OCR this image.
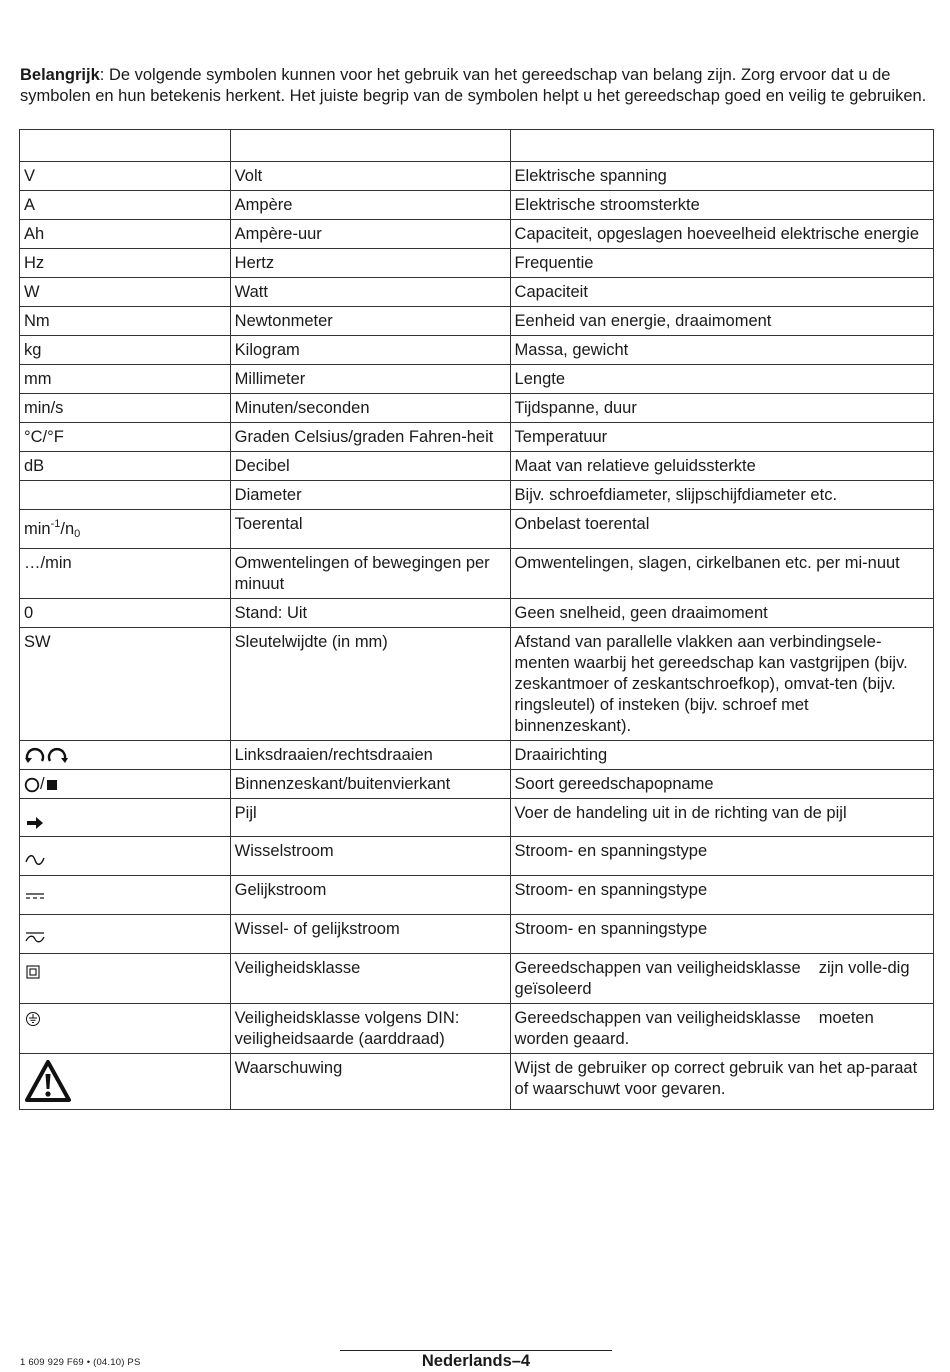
Belangrijk: De volgende symbolen kunnen voor het gebruik van het gereedschap van belang zijn. Zorg ervoor dat u de symbolen en hun betekenis herkent. Het juiste begrip van de symbolen helpt u het gereedschap goed en veilig te gebruiken.

V	Volt	Elektrische spanning
A	Ampère	Elektrische stroomsterkte
Ah	Ampère-uur	Capaciteit, opgeslagen hoeveelheid elektrische energie
Hz	Hertz	Frequentie
W	Watt	Capaciteit
Nm	Newtonmeter	Eenheid van energie, draaimoment
kg	Kilogram	Massa, gewicht
mm	Millimeter	Lengte
min/s	Minuten/seconden	Tijdspanne, duur
°C/°F	Graden Celsius/graden Fahren-heit	Temperatuur
dB	Decibel	Maat van relatieve geluidssterkte
	Diameter	Bijv. schroefdiameter, slijpschijfdiameter etc.
$\min^{-1}/n_0$	Toerental	Onbelast toerental
…/min	Omwentelingen of bewegingen per minuut	Omwentelingen, slagen, cirkelbanen etc. per mi-nuut
0	Stand: Uit	Geen snelheid, geen draaimoment
SW	Sleutelwijdte (in mm)	Afstand van parallelle vlakken aan verbindingsele-menten waarbij het gereedschap kan vastgrijpen (bijv. zeskantmoer of zeskantschroefkop), omvat-ten (bijv. ringsleutel) of insteken (bijv. schroef met binnenzeskant).
	Linksdraaien/rechtsdraaien	Draairichting
/	Binnenzeskant/buitenvierkant	Soort gereedschapopname
	Pijl	Voer de handeling uit in de richting van de pijl
	Wisselstroom	Stroom- en spanningstype
	Gelijkstroom	Stroom- en spanningstype
	Wissel- of gelijkstroom	Stroom- en spanningstype
	Veiligheidsklasse	Gereedschappen van veiligheidsklasse zijn volle-dig geïsoleerd
	Veiligheidsklasse volgens DIN: veiligheidsaarde (aarddraad)	Gereedschappen van veiligheidsklasse moeten worden geaard.
	Waarschuwing	Wijst de gebruiker op correct gebruik van het ap-paraat of waarschuwt voor gevaren.
1 609 929 F69 • (04.10) PS	Nederlands–4
